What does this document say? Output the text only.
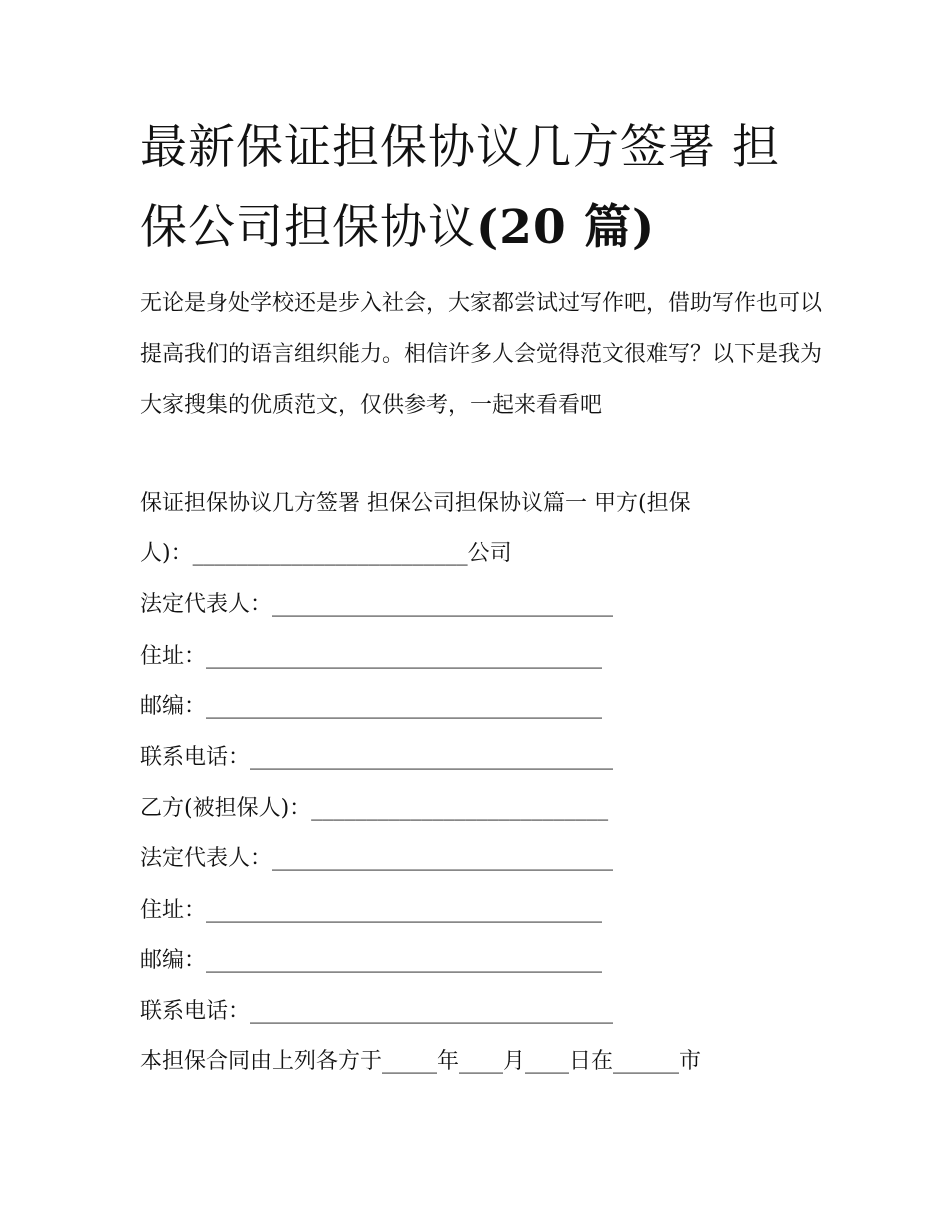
最新保证担保协议几方签署 担
保公司担保协议(20 篇)

无论是身处学校还是步入社会，大家都尝试过写作吧，借助写作也可以提高我们的语言组织能力。相信许多人会觉得范文很难写？以下是我为大家搜集的优质范文，仅供参考，一起来看看吧

保证担保协议几方签署 担保公司担保协议篇一 甲方(担保
人)：_________________________公司
法定代表人：_______________________________
住址：____________________________________
邮编：____________________________________
联系电话：_________________________________
乙方(被担保人)：___________________________
法定代表人：_______________________________
住址：____________________________________
邮编：____________________________________
联系电话：_________________________________
本担保合同由上列各方于_____年____月____日在______市
